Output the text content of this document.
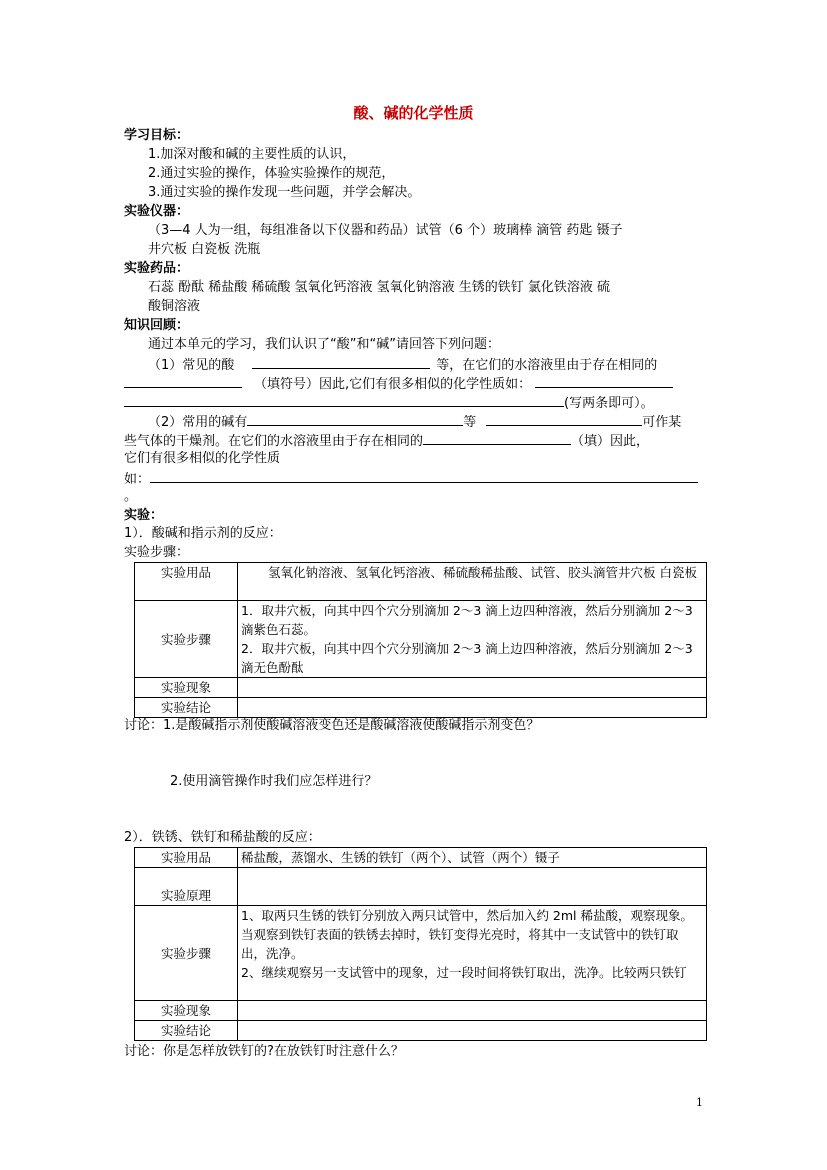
酸、碱的化学性质
学习目标：
1.加深对酸和碱的主要性质的认识，
2.通过实验的操作，体验实验操作的规范，
3.通过实验的操作发现一些问题，并学会解决。
实验仪器：
（3—4 人为一组，每组准备以下仪器和药品）试管（6 个）玻璃棒 滴管 药匙 镊子
井穴板 白瓷板 洗瓶
实验药品：
石蕊 酚酞 稀盐酸 稀硫酸 氢氧化钙溶液 氢氧化钠溶液 生锈的铁钉 氯化铁溶液 硫
酸铜溶液
知识回顾：
通过本单元的学习，我们认识了“酸”和“碱”请回答下列问题：
（1）常见的酸	等，在它们的水溶液里由于存在相同的
（填符号）因此,它们有很多相似的化学性质如：
(写两条即可）。
（2）常用的碱有	等	可作某
些气体的干燥剂。在它们的水溶液里由于存在相同的	（填）因此，
它们有很多相似的化学性质
如：
。
实验：
1）．酸碱和指示剂的反应：
实验步骤：
实验用品	氢氧化钠溶液、氢氧化钙溶液、稀硫酸稀盐酸、试管、胶头滴管井穴板 白瓷板
实验步骤	1．取井穴板，向其中四个穴分别滴加 2～3 滴上边四种溶液，然后分别滴加 2～3 滴紫色石蕊。
2．取井穴板，向其中四个穴分别滴加 2～3 滴上边四种溶液，然后分别滴加 2～3 滴无色酚酞

实验现象	
实验结论	
讨论：1.是酸碱指示剂使酸碱溶液变色还是酸碱溶液使酸碱指示剂变色？
2.使用滴管操作时我们应怎样进行？
2）．铁锈、铁钉和稀盐酸的反应：
实验用品	稀盐酸，蒸馏水、生锈的铁钉（两个）、试管（两个）镊子
实验原理	
实验步骤	1、取两只生锈的铁钉分别放入两只试管中，然后加入约 2ml 稀盐酸，观察现象。当观察到铁钉表面的铁锈去掉时，铁钉变得光亮时，将其中一支试管中的铁钉取出，洗净。
2、继续观察另一支试管中的现象，过一段时间将铁钉取出，洗净。比较两只铁钉

实验现象	
实验结论	
讨论：你是怎样放铁钉的?在放铁钉时注意什么？
1
